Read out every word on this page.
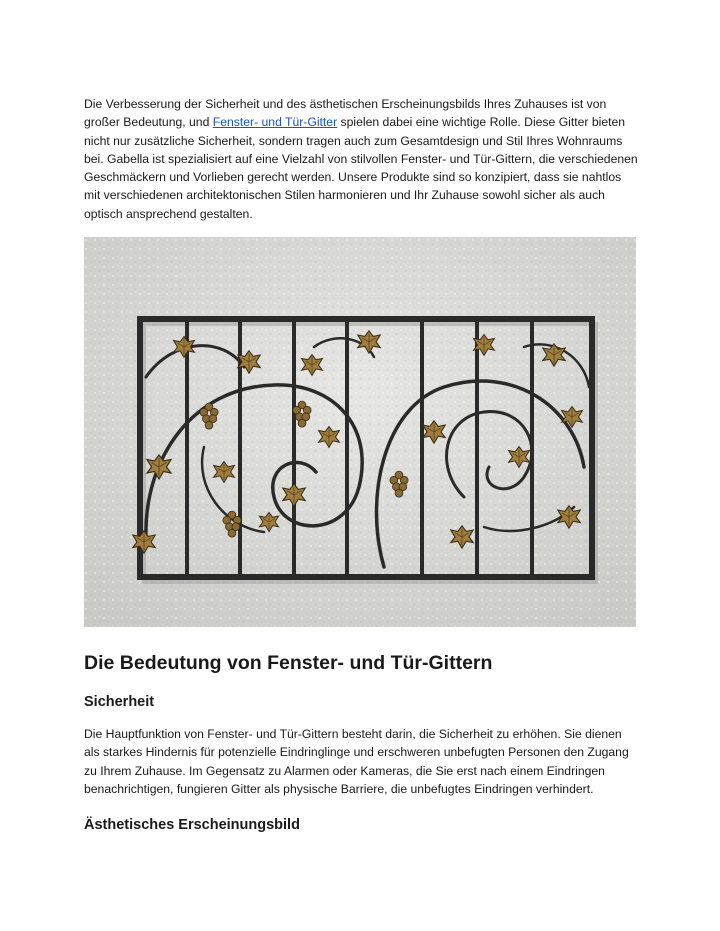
Die Verbesserung der Sicherheit und des ästhetischen Erscheinungsbilds Ihres Zuhauses ist von großer Bedeutung, und Fenster- und Tür-Gitter spielen dabei eine wichtige Rolle. Diese Gitter bieten nicht nur zusätzliche Sicherheit, sondern tragen auch zum Gesamtdesign und Stil Ihres Wohnraums bei. Gabella ist spezialisiert auf eine Vielzahl von stilvollen Fenster- und Tür-Gittern, die verschiedenen Geschmäckern und Vorlieben gerecht werden. Unsere Produkte sind so konzipiert, dass sie nahtlos mit verschiedenen architektonischen Stilen harmonieren und Ihr Zuhause sowohl sicher als auch optisch ansprechend gestalten.

Die Bedeutung von Fenster- und Tür-Gittern
Sicherheit

Die Hauptfunktion von Fenster- und Tür-Gittern besteht darin, die Sicherheit zu erhöhen. Sie dienen als starkes Hindernis für potenzielle Eindringlinge und erschweren unbefugten Personen den Zugang zu Ihrem Zuhause. Im Gegensatz zu Alarmen oder Kameras, die Sie erst nach einem Eindringen benachrichtigen, fungieren Gitter als physische Barriere, die unbefugtes Eindringen verhindert.

Ästhetisches Erscheinungsbild
